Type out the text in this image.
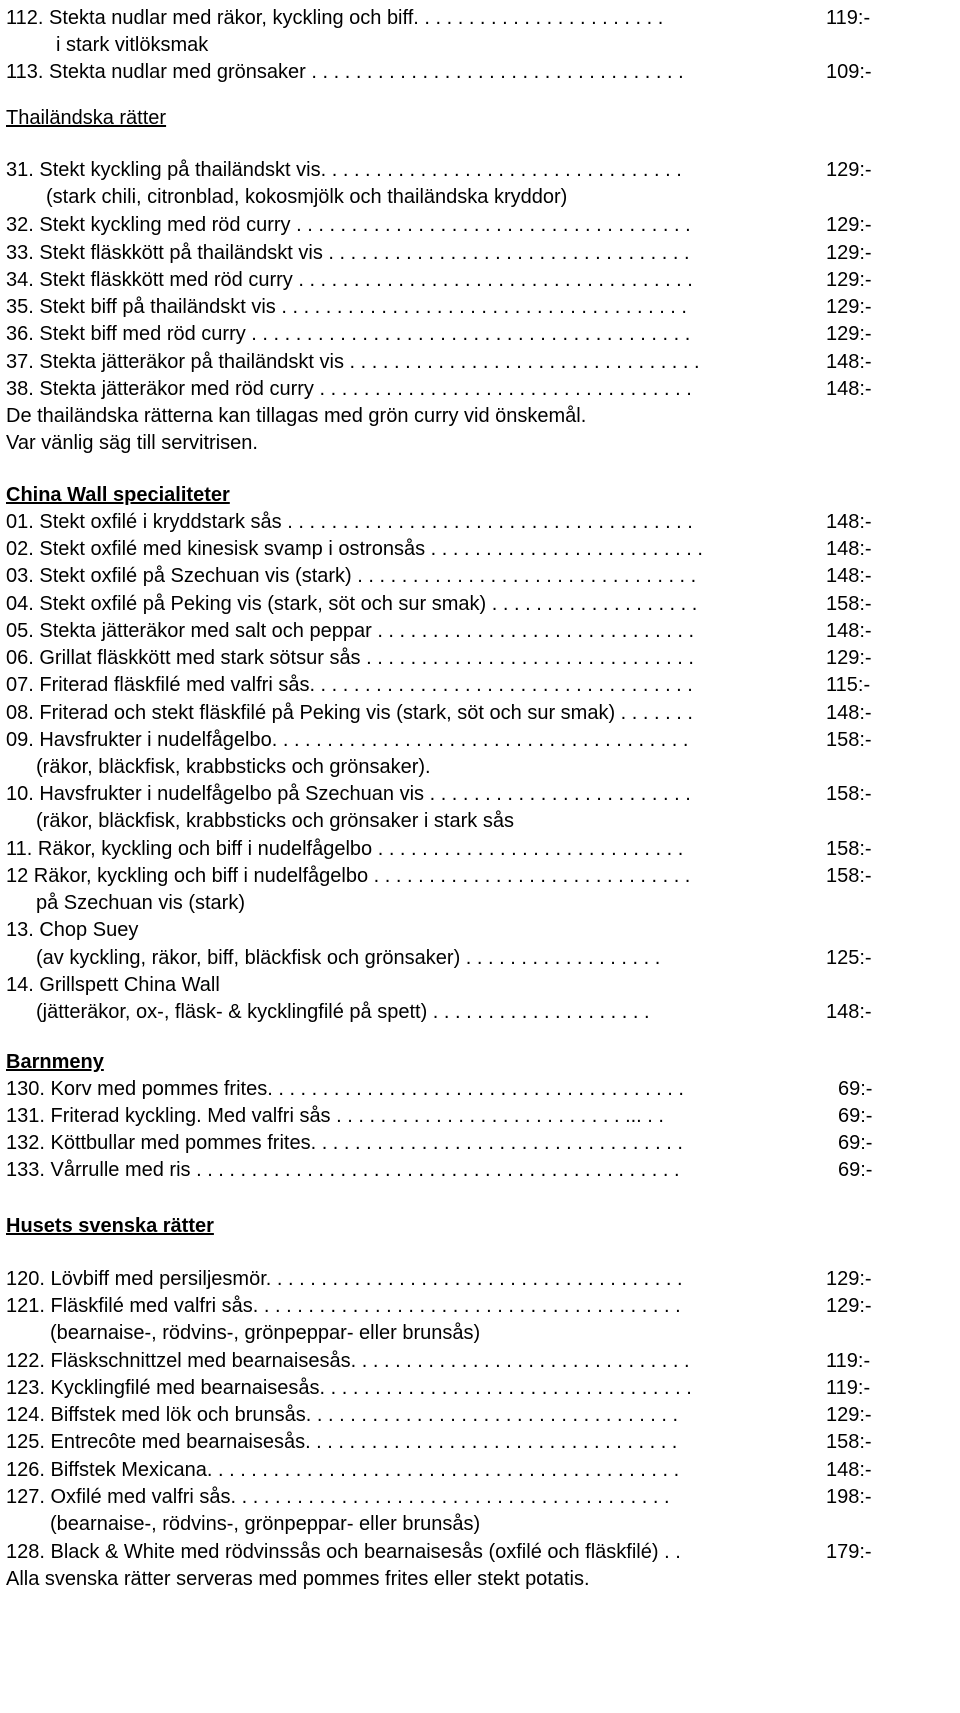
112. Stekta nudlar med räkor, kyckling och biff. . . . . . . . . . . . . . . . . . . . . . .	119:-
i stark vitlöksmak
113. Stekta nudlar med grönsaker . . . . . . . . . . . . . . . . . . . . . . . . . . . . . . . . . .	109:-
Thailändska rätter
31. Stekt kyckling på thailändskt vis. . . . . . . . . . . . . . . . . . . . . . . . . . . . . . . . .	129:-
(stark chili, citronblad, kokosmjölk och thailändska kryddor)
32. Stekt kyckling med röd curry . . . . . . . . . . . . . . . . . . . . . . . . . . . . . . . . . . . .	129:-
33. Stekt fläskkött på thailändskt vis . . . . . . . . . . . . . . . . . . . . . . . . . . . . . . . . .	129:-
34. Stekt fläskkött med röd curry . . . . . . . . . . . . . . . . . . . . . . . . . . . . . . . . . . . .	129:-
35. Stekt biff på thailändskt vis . . . . . . . . . . . . . . . . . . . . . . . . . . . . . . . . . . . . .	129:-
36. Stekt biff med röd curry . . . . . . . . . . . . . . . . . . . . . . . . . . . . . . . . . . . . . . . .	129:-
37. Stekta jätteräkor på thailändskt vis . . . . . . . . . . . . . . . . . . . . . . . . . . . . . . . .	148:-
38. Stekta jätteräkor med röd curry . . . . . . . . . . . . . . . . . . . . . . . . . . . . . . . . . .	148:-
De thailändska rätterna kan tillagas med grön curry vid önskemål.
Var vänlig säg till servitrisen.
China Wall specialiteter
01. Stekt oxfilé i kryddstark sås . . . . . . . . . . . . . . . . . . . . . . . . . . . . . . . . . . . . .	148:-
02. Stekt oxfilé med kinesisk svamp i ostronsås . . . . . . . . . . . . . . . . . . . . . . . . .	148:-
03. Stekt oxfilé på Szechuan vis (stark) . . . . . . . . . . . . . . . . . . . . . . . . . . . . . . .	148:-
04. Stekt oxfilé på Peking vis (stark, söt och sur smak) . . . . . . . . . . . . . . . . . . .	158:-
05. Stekta jätteräkor med salt och peppar . . . . . . . . . . . . . . . . . . . . . . . . . . . . .	148:-
06. Grillat fläskkött med stark sötsur sås . . . . . . . . . . . . . . . . . . . . . . . . . . . . . .	129:-
07. Friterad fläskfilé med valfri sås. . . . . . . . . . . . . . . . . . . . . . . . . . . . . . . . . . .	115:-
08. Friterad och stekt fläskfilé på Peking vis (stark, söt och sur smak) . . . . . . .	148:-
09. Havsfrukter i nudelfågelbo. . . . . . . . . . . . . . . . . . . . . . . . . . . . . . . . . . . . . .	158:-
(räkor, bläckfisk, krabbsticks och grönsaker).
10. Havsfrukter i nudelfågelbo på Szechuan vis . . . . . . . . . . . . . . . . . . . . . . . .	158:-
(räkor, bläckfisk, krabbsticks och grönsaker i stark sås
11. Räkor, kyckling och biff i nudelfågelbo . . . . . . . . . . . . . . . . . . . . . . . . . . . .	158:-
12 Räkor, kyckling och biff i nudelfågelbo . . . . . . . . . . . . . . . . . . . . . . . . . . . . .	158:-
på Szechuan vis (stark)
13. Chop Suey
(av kyckling, räkor, biff, bläckfisk och grönsaker) . . . . . . . . . . . . . . . . . .	125:-
14. Grillspett China Wall
(jätteräkor, ox-, fläsk- & kycklingfilé på spett) . . . . . . . . . . . . . . . . . . . .	148:-
Barnmeny
130. Korv med pommes frites. . . . . . . . . . . . . . . . . . . . . . . . . . . . . . . . . . . . . .	69:-
131. Friterad kyckling. Med valfri sås . . . . . . . . . . . . . . . . . . . . . . . . . . ... . .	69:-
132. Köttbullar med pommes frites. . . . . . . . . . . . . . . . . . . . . . . . . . . . . . . . . .	69:-
133. Vårrulle med ris . . . . . . . . . . . . . . . . . . . . . . . . . . . . . . . . . . . . . . . . . . . .	69:-
Husets svenska rätter
120. Lövbiff med persiljesmör. . . . . . . . . . . . . . . . . . . . . . . . . . . . . . . . . . . . . .	129:-
121. Fläskfilé med valfri sås. . . . . . . . . . . . . . . . . . . . . . . . . . . . . . . . . . . . . . .	129:-
(bearnaise-, rödvins-, grönpeppar- eller brunsås)
122. Fläskschnittzel med bearnaisesås. . . . . . . . . . . . . . . . . . . . . . . . . . . . . . .	119:-
123. Kycklingfilé med bearnaisesås. . . . . . . . . . . . . . . . . . . . . . . . . . . . . . . . . .	119:-
124. Biffstek med lök och brunsås. . . . . . . . . . . . . . . . . . . . . . . . . . . . . . . . . .	129:-
125. Entrecôte med bearnaisesås. . . . . . . . . . . . . . . . . . . . . . . . . . . . . . . . . .	158:-
126. Biffstek Mexicana. . . . . . . . . . . . . . . . . . . . . . . . . . . . . . . . . . . . . . . . . . .	148:-
127. Oxfilé med valfri sås. . . . . . . . . . . . . . . . . . . . . . . . . . . . . . . . . . . . . . . .	198:-
(bearnaise-, rödvins-, grönpeppar- eller brunsås)
128. Black & White med rödvinssås och bearnaisesås (oxfilé och fläskfilé) . .	179:-
Alla svenska rätter serveras med pommes frites eller stekt potatis.
